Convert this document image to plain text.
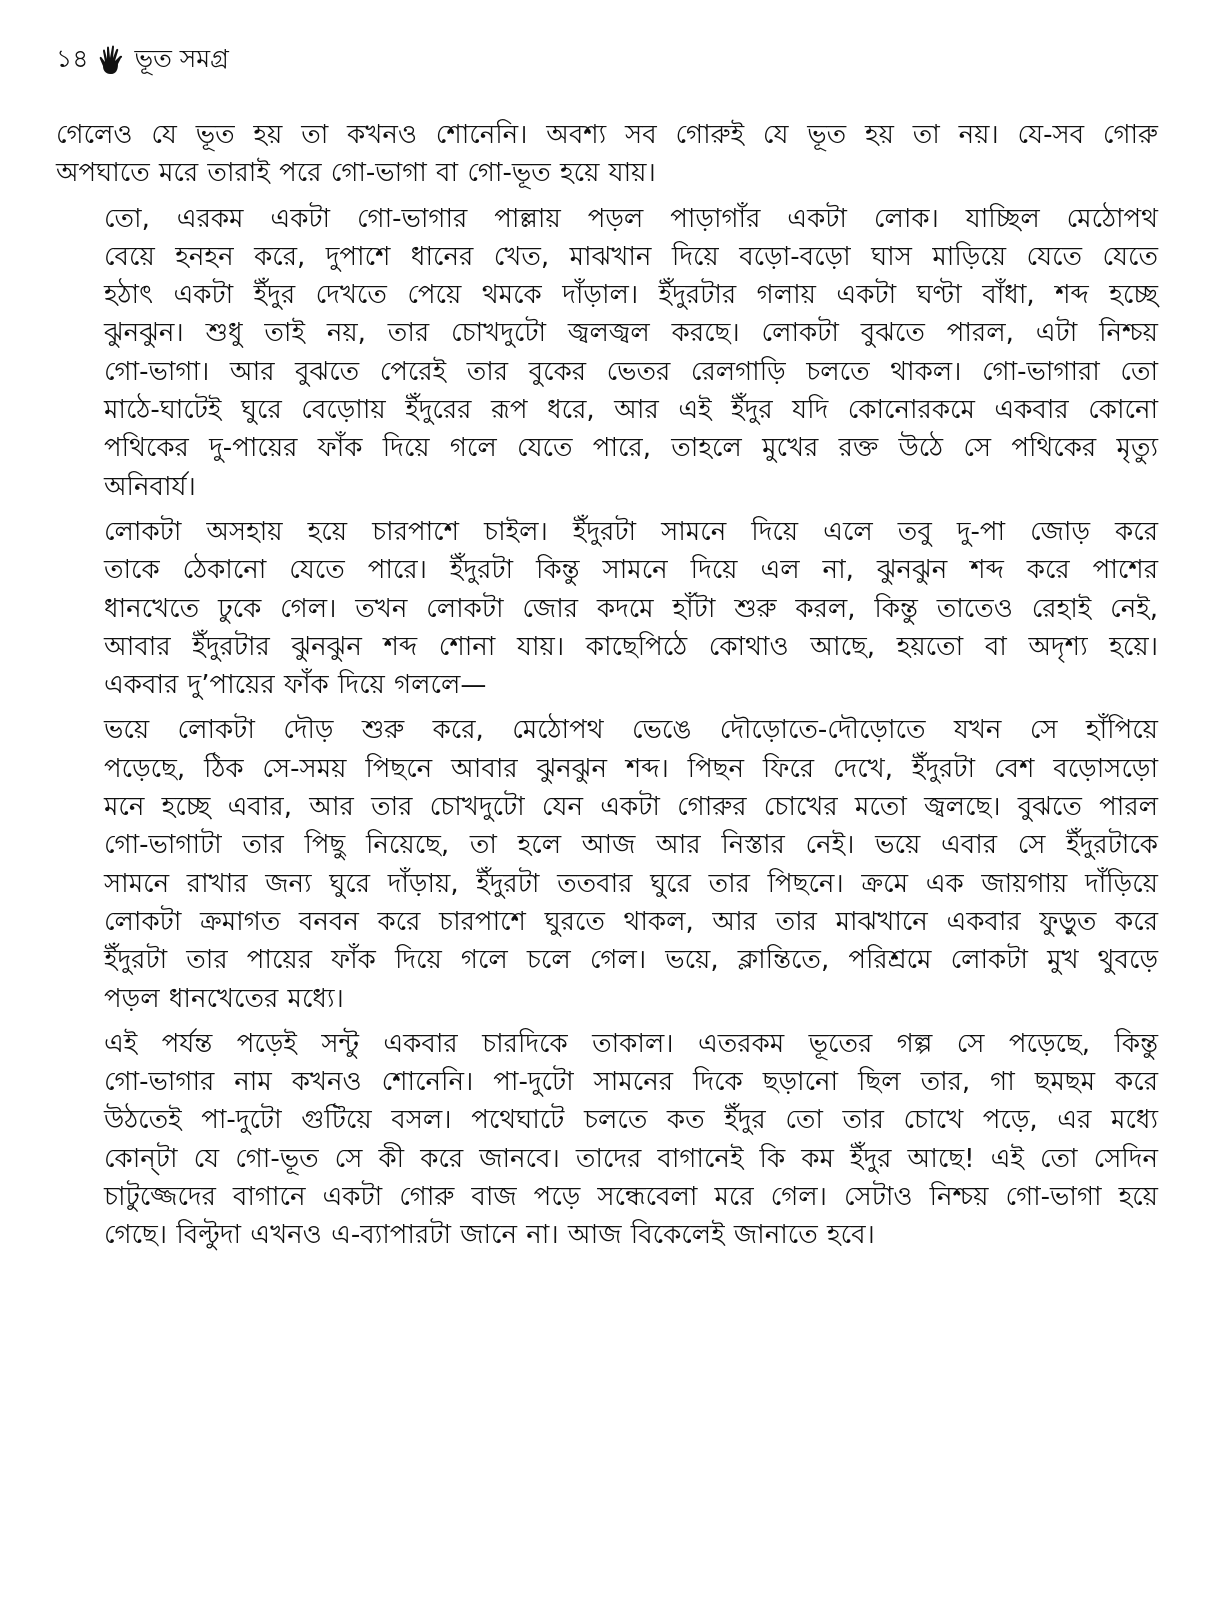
১৪ ভূত সমগ্র

গেলেও যে ভূত হয় তা কখনও শোনেনি। অবশ্য সব গোরুই যে ভূত হয় তা নয়। যে-সব গোরু
অপঘাতে মরে তারাই পরে গো-ভাগা বা গো-ভূত হয়ে যায়।

তো, এরকম একটা গো-ভাগার পাল্লায় পড়ল পাড়াগাঁর একটা লোক। যাচ্ছিল মেঠোপথ
বেয়ে হনহন করে, দুপাশে ধানের খেত, মাঝখান দিয়ে বড়ো-বড়ো ঘাস মাড়িয়ে যেতে যেতে
হঠাৎ একটা ইঁদুর দেখতে পেয়ে থমকে দাঁড়াল। ইঁদুরটার গলায় একটা ঘণ্টা বাঁধা, শব্দ হচ্ছে
ঝুনঝুন। শুধু তাই নয়, তার চোখদুটো জ্বলজ্বল করছে। লোকটা বুঝতে পারল, এটা নিশ্চয়
গো-ভাগা। আর বুঝতে পেরেই তার বুকের ভেতর রেলগাড়ি চলতে থাকল। গো-ভাগারা তো
মাঠে-ঘাটেই ঘুরে বেড়োায় ইঁদুরের রূপ ধরে, আর এই ইঁদুর যদি কোনোরকমে একবার কোনো
পথিকের দু-পায়ের ফাঁক দিয়ে গলে যেতে পারে, তাহলে মুখের রক্ত উঠে সে পথিকের মৃত্যু
অনিবার্য।

লোকটা অসহায় হয়ে চারপাশে চাইল। ইঁদুরটা সামনে দিয়ে এলে তবু দু-পা জোড় করে
তাকে ঠেকানো যেতে পারে। ইঁদুরটা কিন্তু সামনে দিয়ে এল না, ঝুনঝুন শব্দ করে পাশের
ধানখেতে ঢুকে গেল। তখন লোকটা জোর কদমে হাঁটা শুরু করল, কিন্তু তাতেও রেহাই নেই,
আবার ইঁদুরটার ঝুনঝুন শব্দ শোনা যায়। কাছেপিঠে কোথাও আছে, হয়তো বা অদৃশ্য হয়ে।
একবার দু’পায়ের ফাঁক দিয়ে গললে—

ভয়ে লোকটা দৌড় শুরু করে, মেঠোপথ ভেঙে দৌড়োতে-দৌড়োতে যখন সে হাঁপিয়ে
পড়েছে, ঠিক সে-সময় পিছনে আবার ঝুনঝুন শব্দ। পিছন ফিরে দেখে, ইঁদুরটা বেশ বড়োসড়ো
মনে হচ্ছে এবার, আর তার চোখদুটো যেন একটা গোরুর চোখের মতো জ্বলছে। বুঝতে পারল
গো-ভাগাটা তার পিছু নিয়েছে, তা হলে আজ আর নিস্তার নেই। ভয়ে এবার সে ইঁদুরটাকে
সামনে রাখার জন্য ঘুরে দাঁড়ায়, ইঁদুরটা ততবার ঘুরে তার পিছনে। ক্রমে এক জায়গায় দাঁড়িয়ে
লোকটা ক্রমাগত বনবন করে চারপাশে ঘুরতে থাকল, আর তার মাঝখানে একবার ফুড়ুত করে
ইঁদুরটা তার পায়ের ফাঁক দিয়ে গলে চলে গেল। ভয়ে, ক্লান্তিতে, পরিশ্রমে লোকটা মুখ থুবড়ে
পড়ল ধানখেতের মধ্যে।

এই পর্যন্ত পড়েই সন্টু একবার চারদিকে তাকাল। এতরকম ভূতের গল্প সে পড়েছে, কিন্তু
গো-ভাগার নাম কখনও শোনেনি। পা-দুটো সামনের দিকে ছড়ানো ছিল তার, গা ছমছম করে
উঠতেই পা-দুটো গুটিয়ে বসল। পথেঘাটে চলতে কত ইঁদুর তো তার চোখে পড়ে, এর মধ্যে
কোন্‌টা যে গো-ভূত সে কী করে জানবে। তাদের বাগানেই কি কম ইঁদুর আছে! এই তো সেদিন
চাটুজ্জেদের বাগানে একটা গোরু বাজ পড়ে সন্ধেবেলা মরে গেল। সেটাও নিশ্চয় গো-ভাগা হয়ে
গেছে। বিল্টুদা এখনও এ-ব্যাপারটা জানে না। আজ বিকেলেই জানাতে হবে।
